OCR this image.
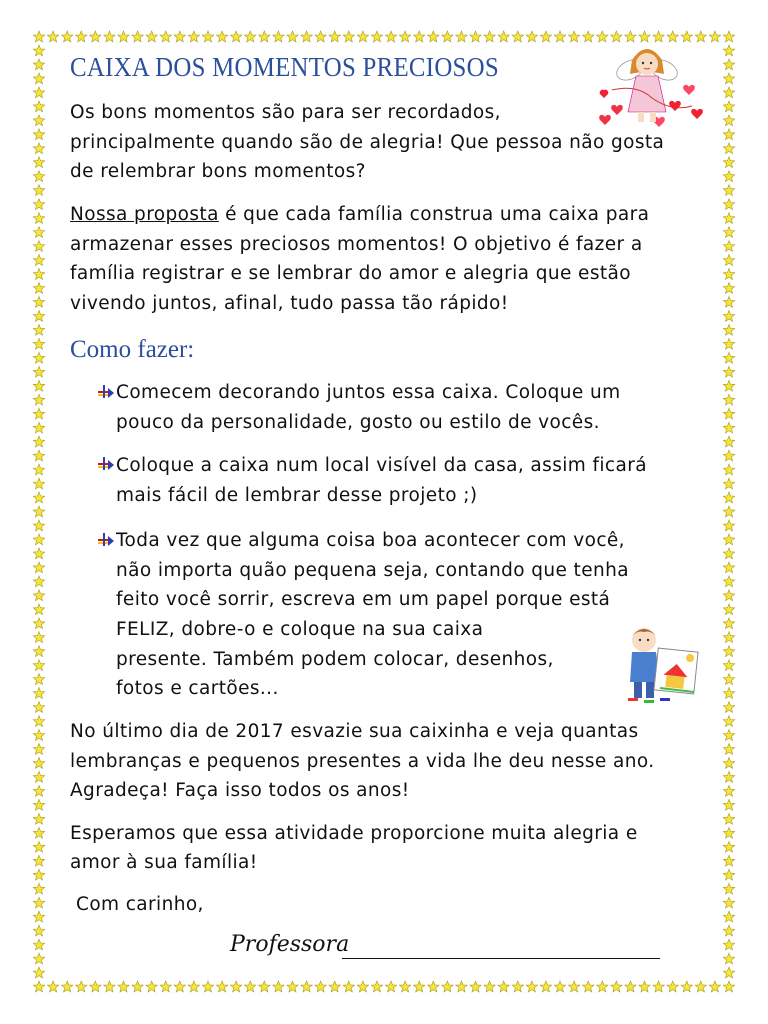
CAIXA DOS MOMENTOS PRECIOSOS
Os bons momentos são para ser recordados,
principalmente quando são de alegria! Que pessoa não gosta
de relembrar bons momentos?
Nossa proposta é que cada família construa uma caixa para
armazenar esses preciosos momentos! O objetivo é fazer a
família registrar e se lembrar do amor e alegria que estão
vivendo juntos, afinal, tudo passa tão rápido!
Como fazer:
Comecem decorando juntos essa caixa. Coloque um
pouco da personalidade, gosto ou estilo de vocês.
Coloque a caixa num local visível da casa, assim ficará
mais fácil de lembrar desse projeto ;)
Toda vez que alguma coisa boa acontecer com você,
não importa quão pequena seja, contando que tenha
feito você sorrir, escreva em um papel porque está
FELIZ, dobre-o e coloque na sua caixa
presente. Também podem colocar, desenhos,
fotos e cartões...
No último dia de 2017 esvazie sua caixinha e veja quantas
lembranças e pequenos presentes a vida lhe deu nesse ano.
Agradeça! Faça isso todos os anos!
Esperamos que essa atividade proporcione muita alegria e
amor à sua família!
Com carinho,
Professora
